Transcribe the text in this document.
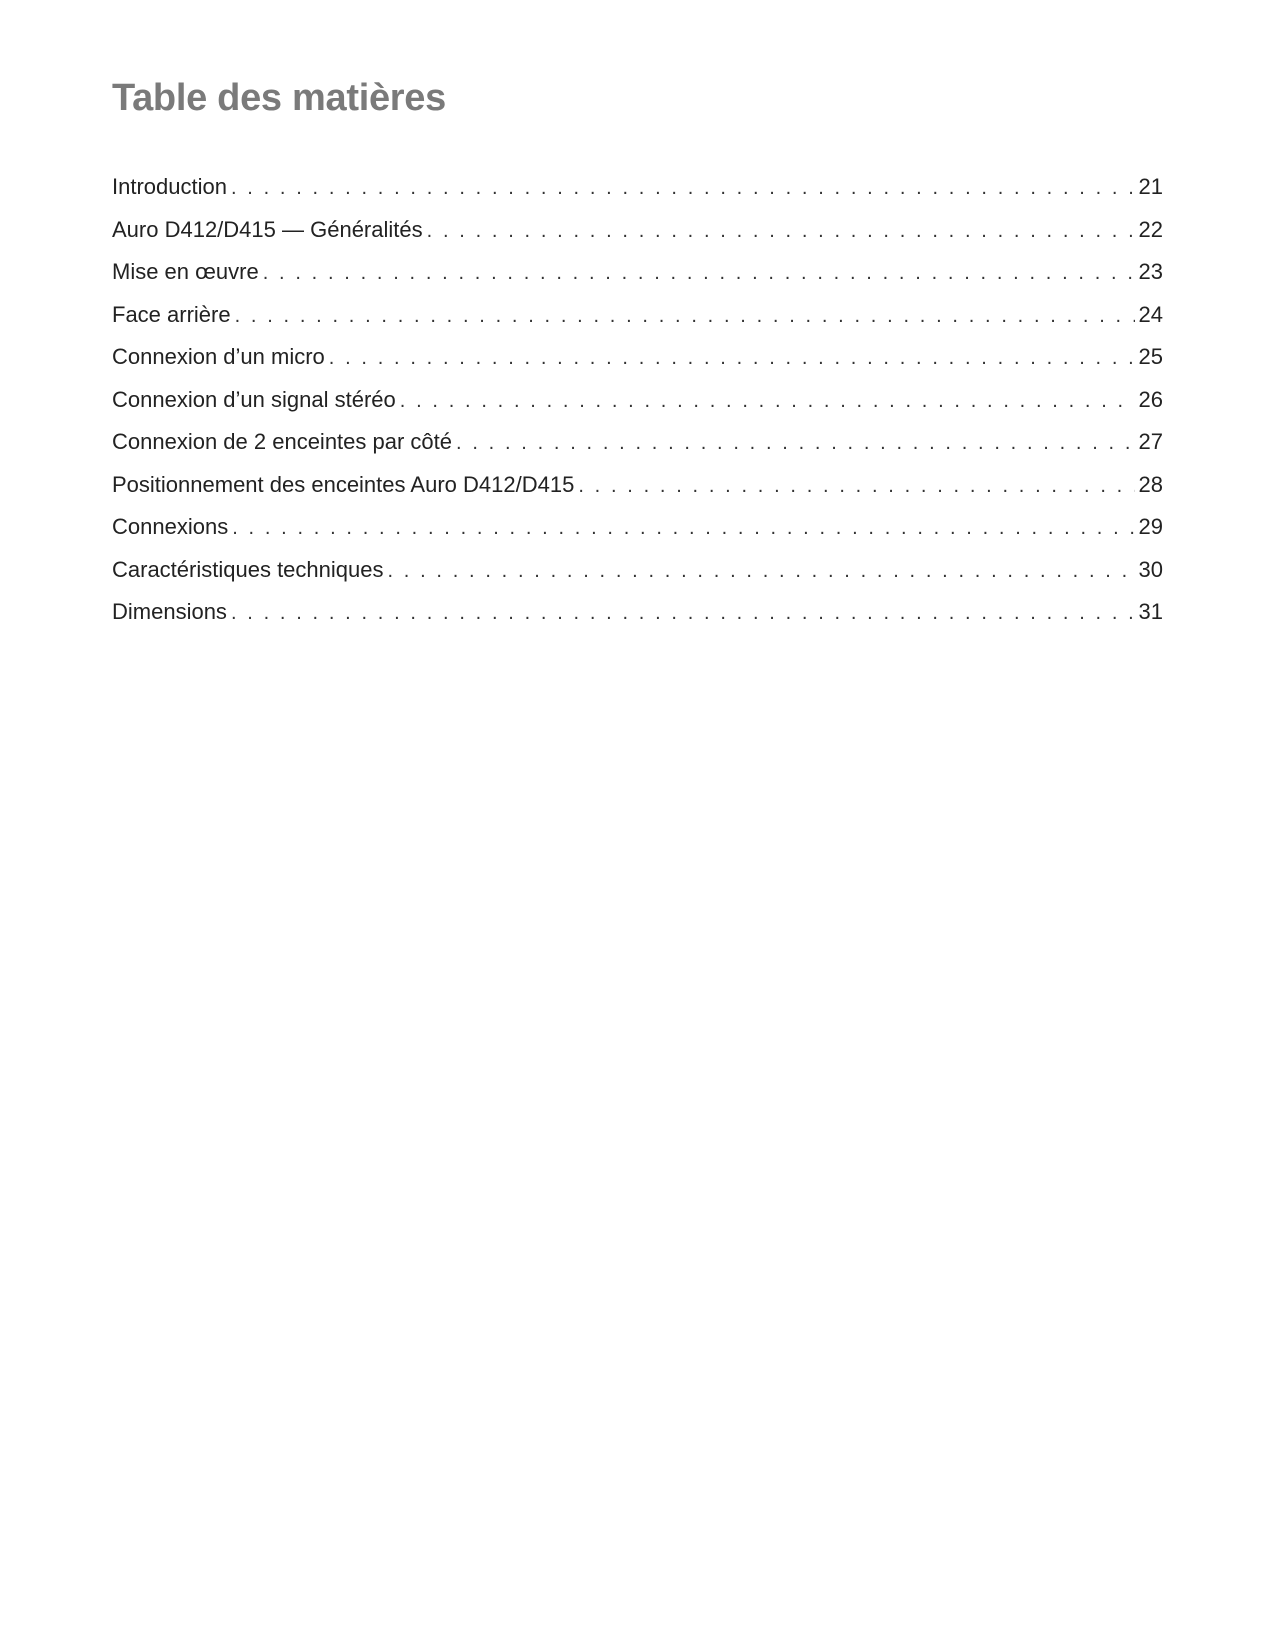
Table des matières
Introduction . . .	21
Auro D412/D415 — Généralités . . .	22
Mise en œuvre . . .	23
Face arrière . . .	24
Connexion d’un micro . . .	25
Connexion d’un signal stéréo . . .	26
Connexion de 2 enceintes par côté . . .	27
Positionnement des enceintes Auro D412/D415 . . .	28
Connexions . . .	29
Caractéristiques techniques . . .	30
Dimensions . . .	31
